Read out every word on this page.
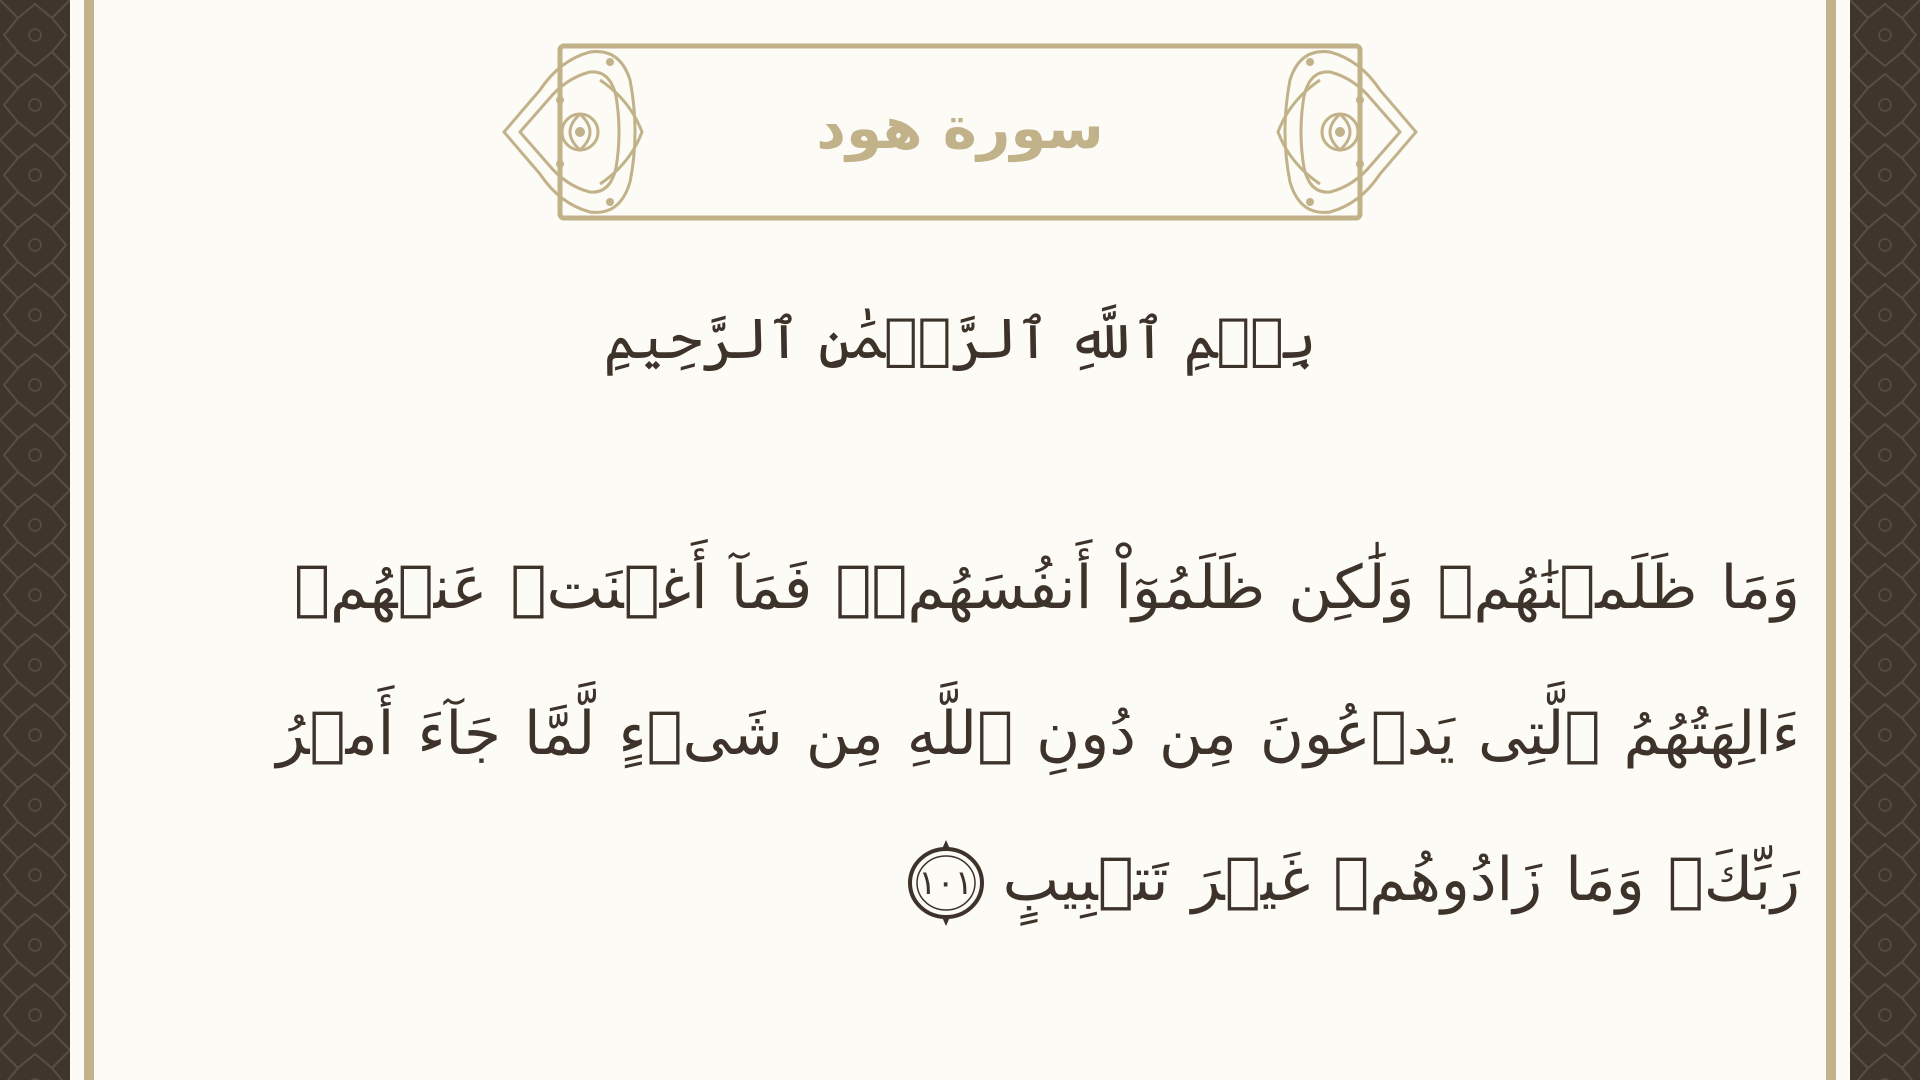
سورة هود
بِسۡمِ ٱللَّهِ ٱلرَّحۡمَٰنِ ٱلرَّحِيمِ
وَمَا ظَلَمۡنَٰهُمۡ وَلَٰكِن ظَلَمُوٓاْ أَنفُسَهُمۡۖ فَمَآ أَغۡنَتۡ عَنۡهُمۡ ءَالِهَتُهُمُ ٱلَّتِى يَدۡعُونَ مِن دُونِ ٱللَّهِ مِن شَىۡءٍ لَّمَّا جَآءَ أَمۡرُ رَبِّكَۖ وَمَا زَادُوهُمۡ غَيۡرَ تَتۡبِيبٍ
١٠١
